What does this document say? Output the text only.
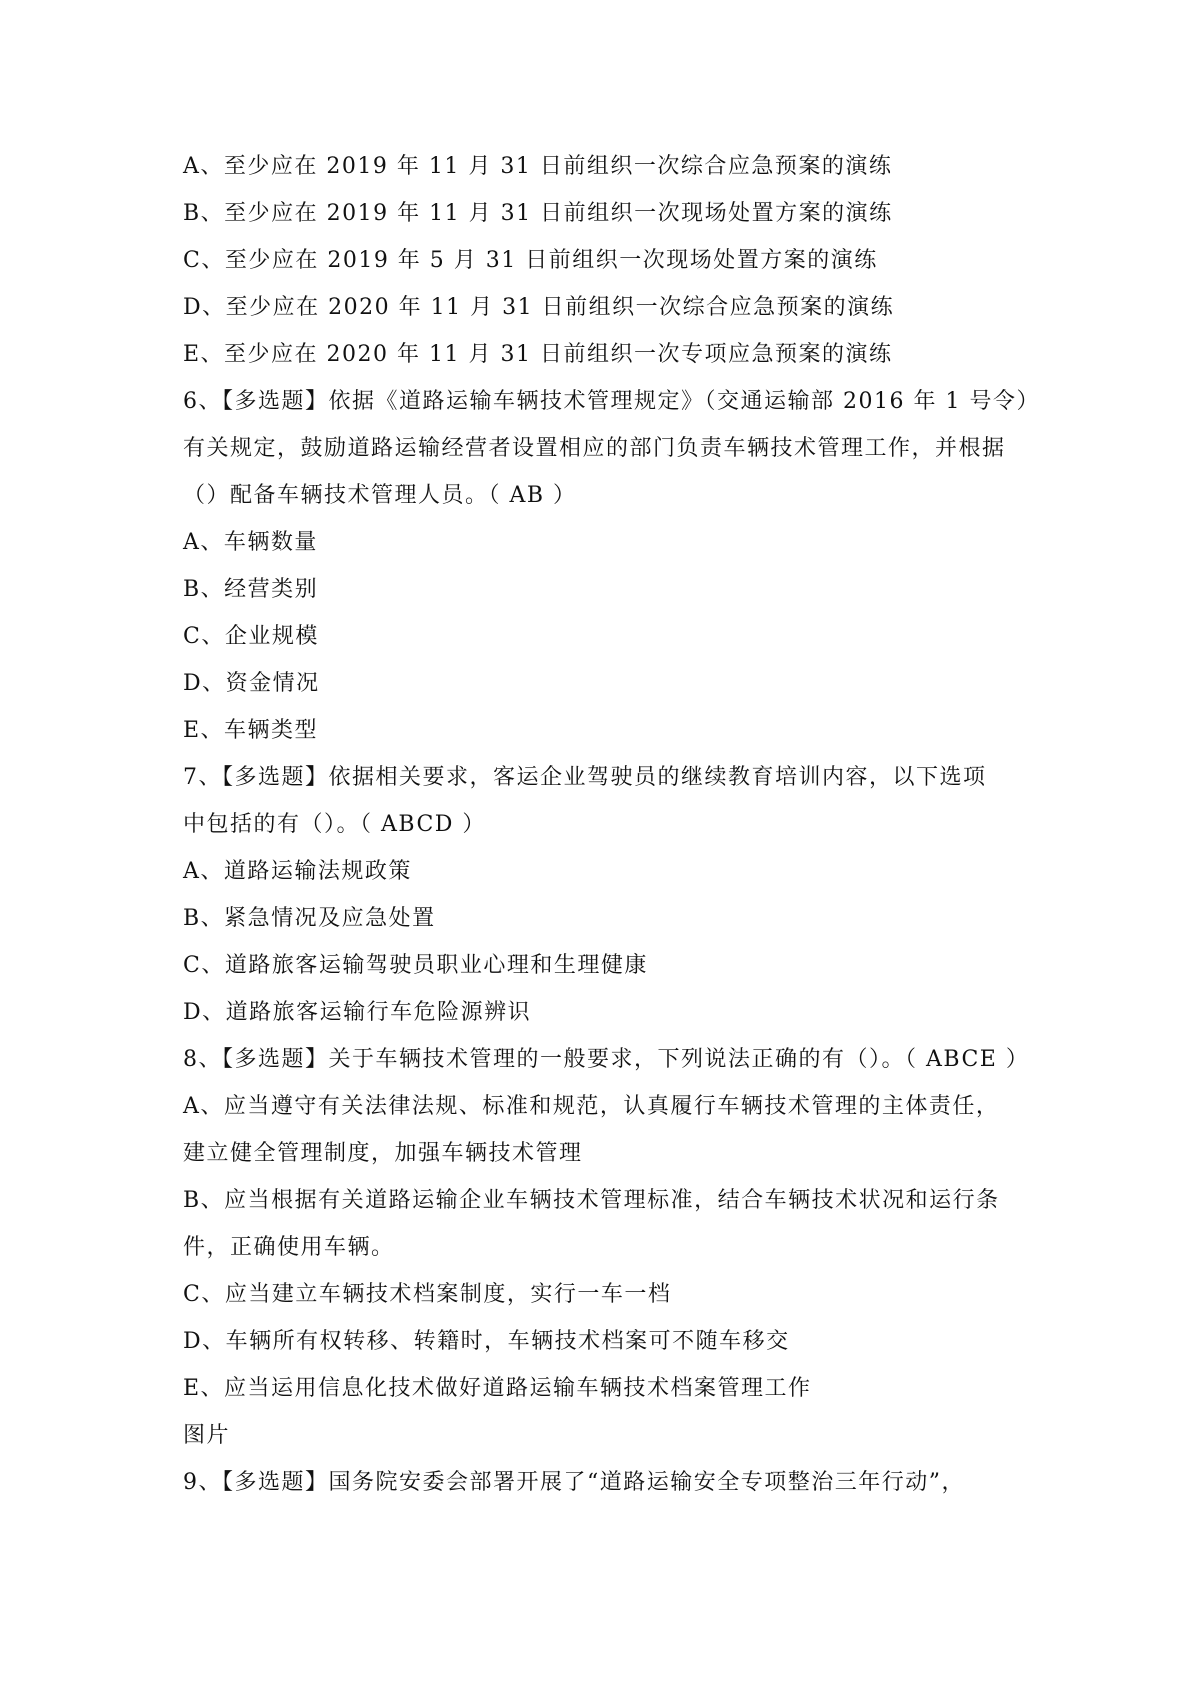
A、至少应在 2019 年 11 月 31 日前组织一次综合应急预案的演练
B、至少应在 2019 年 11 月 31 日前组织一次现场处置方案的演练
C、至少应在 2019 年 5 月 31 日前组织一次现场处置方案的演练
D、至少应在 2020 年 11 月 31 日前组织一次综合应急预案的演练
E、至少应在 2020 年 11 月 31 日前组织一次专项应急预案的演练
6、【多选题】依据《道路运输车辆技术管理规定》（交通运输部 2016 年 1 号令）
有关规定，鼓励道路运输经营者设置相应的部门负责车辆技术管理工作，并根据
（）配备车辆技术管理人员。（ AB ）
A、车辆数量
B、经营类别
C、企业规模
D、资金情况
E、车辆类型
7、【多选题】依据相关要求，客运企业驾驶员的继续教育培训内容，以下选项
中包括的有（）。（ ABCD ）
A、道路运输法规政策
B、紧急情况及应急处置
C、道路旅客运输驾驶员职业心理和生理健康
D、道路旅客运输行车危险源辨识
8、【多选题】关于车辆技术管理的一般要求，下列说法正确的有（）。（ ABCE ）
A、应当遵守有关法律法规、标准和规范，认真履行车辆技术管理的主体责任，
建立健全管理制度，加强车辆技术管理
B、应当根据有关道路运输企业车辆技术管理标准，结合车辆技术状况和运行条
件，正确使用车辆。
C、应当建立车辆技术档案制度，实行一车一档
D、车辆所有权转移、转籍时，车辆技术档案可不随车移交
E、应当运用信息化技术做好道路运输车辆技术档案管理工作
图片
9、【多选题】国务院安委会部署开展了“道路运输安全专项整治三年行动”，
